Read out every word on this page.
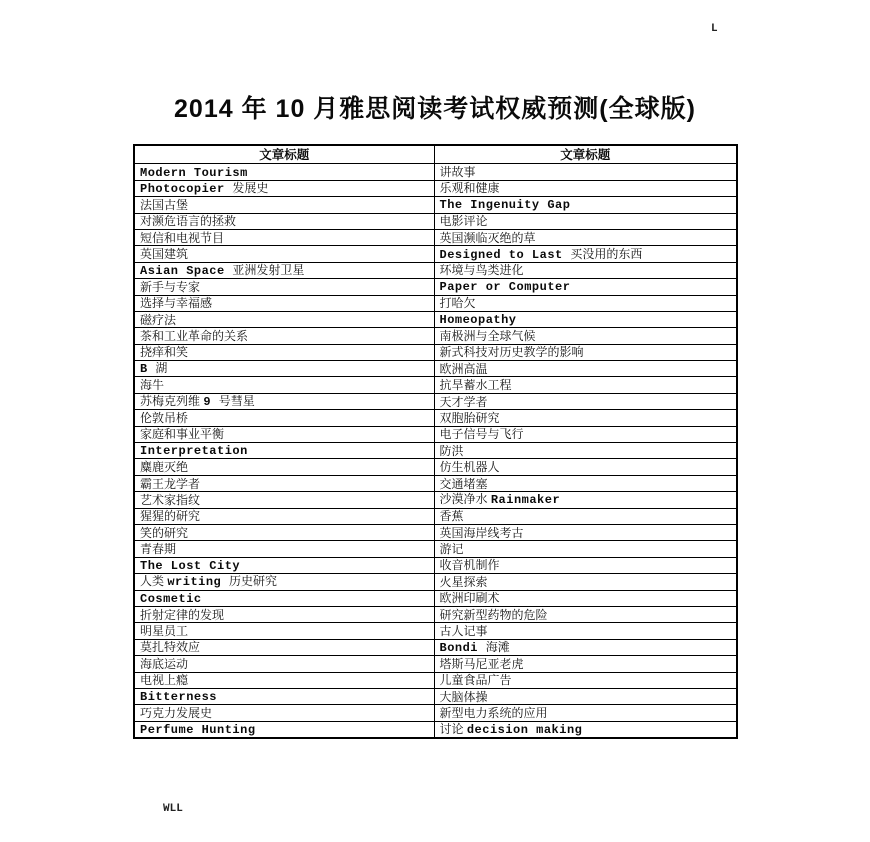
L
2014 年 10 月雅思阅读考试权威预测(全球版)
文章标题	文章标题
Modern Tourism	讲故事
Photocopier 发展史	乐观和健康
法国古堡	The Ingenuity Gap
对濒危语言的拯救	电影评论
短信和电视节目	英国濒临灭绝的草
英国建筑	Designed to Last 买没用的东西
Asian Space 亚洲发射卫星	环境与鸟类进化
新手与专家	Paper or Computer
选择与幸福感	打哈欠
磁疗法	Homeopathy
茶和工业革命的关系	南极洲与全球气候
挠痒和笑	新式科技对历史教学的影响
B 湖	欧洲高温
海牛	抗旱蓄水工程
苏梅克列维 9 号彗星	天才学者
伦敦吊桥	双胞胎研究
家庭和事业平衡	电子信号与飞行
Interpretation	防洪
麋鹿灭绝	仿生机器人
霸王龙学者	交通堵塞
艺术家指纹	沙漠净水 Rainmaker
猩猩的研究	香蕉
笑的研究	英国海岸线考古
青春期	游记
The Lost City	收音机制作
人类 writing 历史研究	火星探索
Cosmetic	欧洲印刷术
折射定律的发现	研究新型药物的危险
明星员工	古人记事
莫扎特效应	Bondi 海滩
海底运动	塔斯马尼亚老虎
电视上瘾	儿童食品广告
Bitterness	大脑体操
巧克力发展史	新型电力系统的应用
Perfume Hunting	讨论 decision making
WLL
